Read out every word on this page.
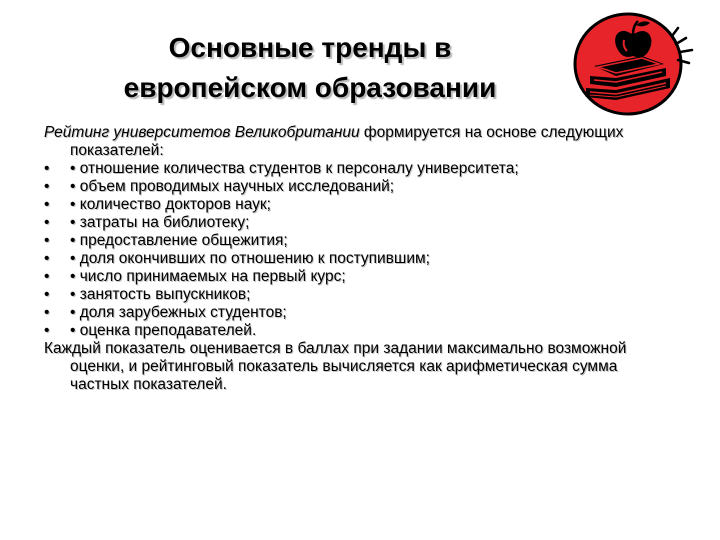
Основные тренды в
европейском образовании
Рейтинг университетов Великобритании формируется на основе следующих показателей:
•	• отношение количества студентов к персоналу университета;
•	• объем проводимых научных исследований;
•	• количество докторов наук;
•	• затраты на библиотеку;
•	• предоставление общежития;
•	• доля окончивших по отношению к поступившим;
•	• число принимаемых на первый курс;
•	• занятость выпускников;
•	• доля зарубежных студентов;
•	• оценка преподавателей.
Каждый показатель оценивается в баллах при задании максимально возможной оценки, и рейтинговый показатель вычисляется как арифметическая сумма частных показателей.
